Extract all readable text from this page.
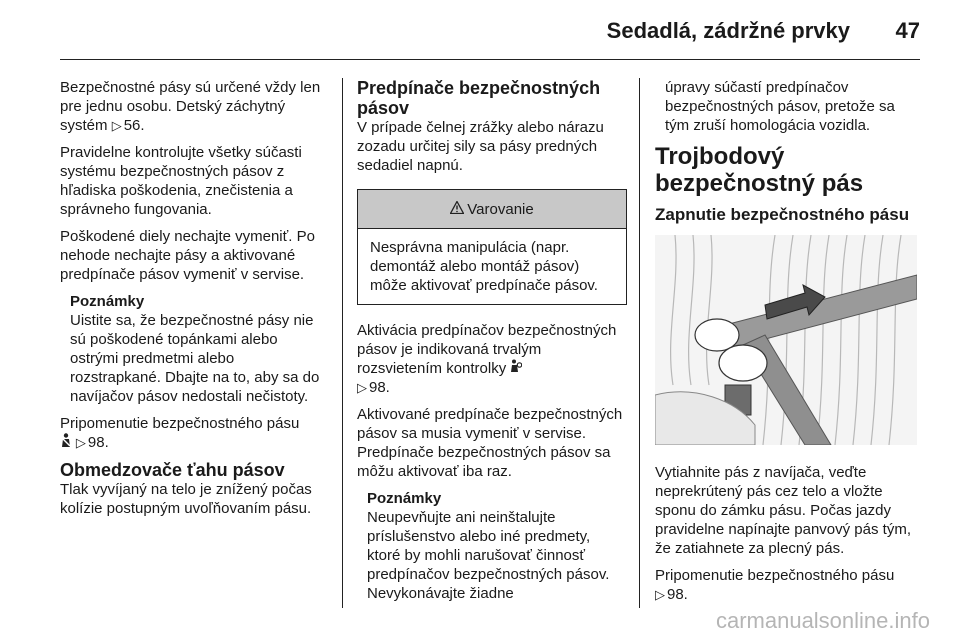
Sedadlá, zádržné prvky 47

Bezpečnostné pásy sú určené vždy len pre jednu osobu. Detský záchytný systém ▷ 56.

Pravidelne kontrolujte všetky súčasti systému bezpečnostných pásov z hľadiska poškodenia, znečistenia a správneho fungovania.

Poškodené diely nechajte vymeniť. Po nehode nechajte pásy a aktivované predpínače pásov vymeniť v servise.

Poznámky
Uistite sa, že bezpečnostné pásy nie sú poškodené topánkami alebo ostrými predmetmi alebo rozstrapkané. Dbajte na to, aby sa do navíjačov pásov nedostali nečistoty.

Pripomenutie bezpečnostného pásu
▷ 98.

Obmedzovače ťahu pásov

Tlak vyvíjaný na telo je znížený počas kolízie postupným uvoľňovaním pásu.

Predpínače bezpečnostných pásov

V prípade čelnej zrážky alebo nárazu zozadu určitej sily sa pásy predných sedadiel napnú.

Varovanie
Nesprávna manipulácia (napr. demontáž alebo montáž pásov) môže aktivovať predpínače pásov.

Aktivácia predpínačov bezpečnostných pásov je indikovaná trvalým rozsvietením kontrolky
▷ 98.

Aktivované predpínače bezpečnostných pásov sa musia vymeniť v servise. Predpínače bezpečnostných pásov sa môžu aktivovať iba raz.

Poznámky
Neupevňujte ani neinštalujte príslušenstvo alebo iné predmety, ktoré by mohli narušovať činnosť predpínačov bezpečnostných pásov. Nevykonávajte žiadne

úpravy súčastí predpínačov bezpečnostných pásov, pretože sa tým zruší homologácia vozidla.

Trojbodový bezpečnostný pás
Zapnutie bezpečnostného pásu

Vytiahnite pás z navíjača, veďte neprekrútený pás cez telo a vložte sponu do zámku pásu. Počas jazdy pravidelne napínajte panvový pás tým, že zatiahnete za plecný pás.

Pripomenutie bezpečnostného pásu
▷ 98.

carmanualsonline.info
